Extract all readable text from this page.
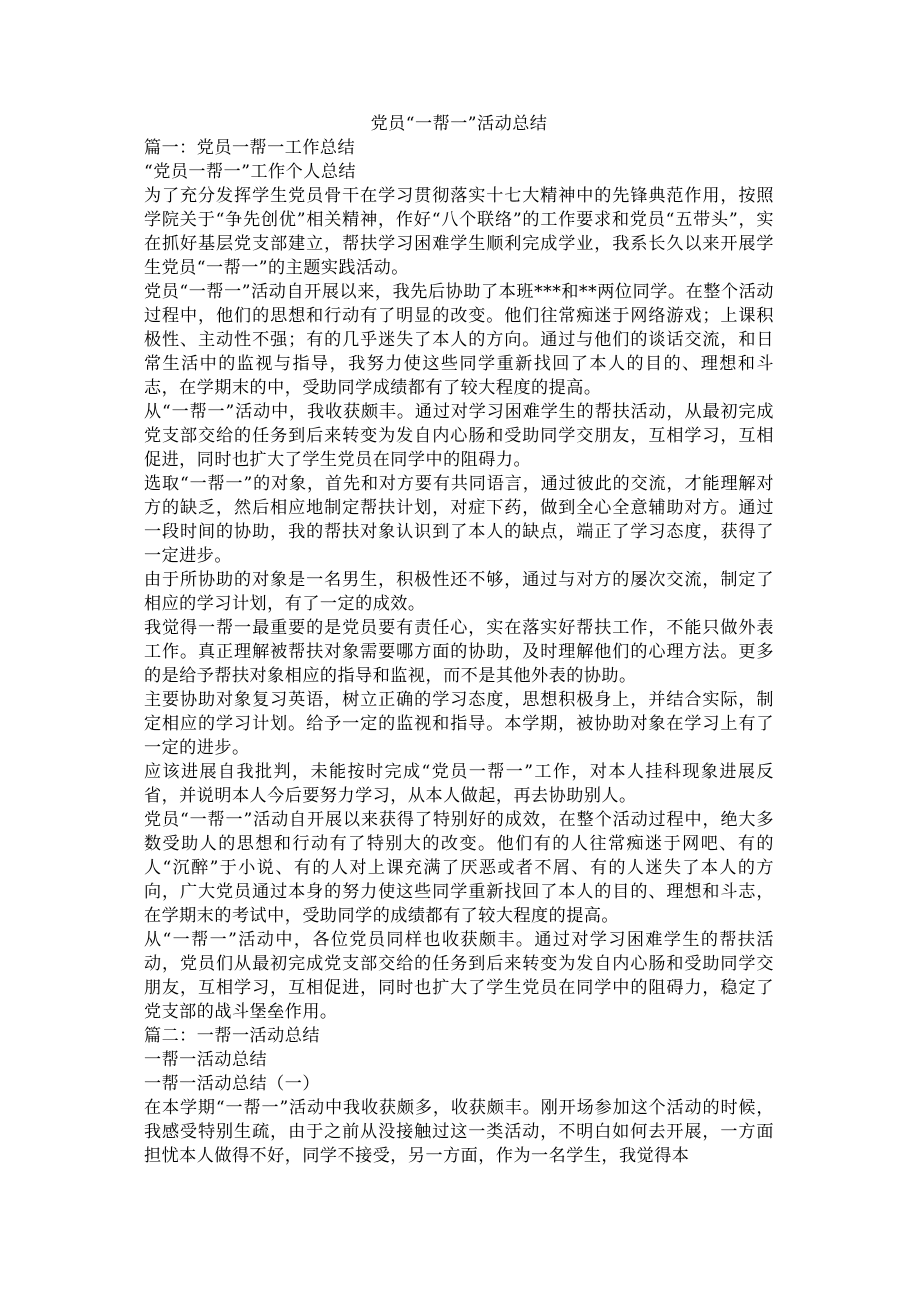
党员“一帮一”活动总结

篇一：党员一帮一工作总结

“党员一帮一”工作个人总结

为了充分发挥学生党员骨干在学习贯彻落实十七大精神中的先锋典范作用，按照学院关于“争先创优”相关精神，作好“八个联络”的工作要求和党员“五带头”，实在抓好基层党支部建立，帮扶学习困难学生顺利完成学业，我系长久以来开展学生党员“一帮一”的主题实践活动。

党员“一帮一”活动自开展以来，我先后协助了本班***和**两位同学。在整个活动过程中，他们的思想和行动有了明显的改变。他们往常痴迷于网络游戏；上课积极性、主动性不强；有的几乎迷失了本人的方向。通过与他们的谈话交流，和日常生活中的监视与指导，我努力使这些同学重新找回了本人的目的、理想和斗志，在学期末的中，受助同学成绩都有了较大程度的提高。

从“一帮一”活动中，我收获颇丰。通过对学习困难学生的帮扶活动，从最初完成党支部交给的任务到后来转变为发自内心肠和受助同学交朋友，互相学习，互相促进，同时也扩大了学生党员在同学中的阻碍力。

选取“一帮一”的对象，首先和对方要有共同语言，通过彼此的交流，才能理解对方的缺乏，然后相应地制定帮扶计划，对症下药，做到全心全意辅助对方。通过一段时间的协助，我的帮扶对象认识到了本人的缺点，端正了学习态度，获得了一定进步。

由于所协助的对象是一名男生，积极性还不够，通过与对方的屡次交流，制定了相应的学习计划，有了一定的成效。

我觉得一帮一最重要的是党员要有责任心，实在落实好帮扶工作，不能只做外表工作。真正理解被帮扶对象需要哪方面的协助，及时理解他们的心理方法。更多的是给予帮扶对象相应的指导和监视，而不是其他外表的协助。

主要协助对象复习英语，树立正确的学习态度，思想积极身上，并结合实际，制定相应的学习计划。给予一定的监视和指导。本学期，被协助对象在学习上有了一定的进步。

应该进展自我批判，未能按时完成“党员一帮一”工作，对本人挂科现象进展反省，并说明本人今后要努力学习，从本人做起，再去协助别人。

党员“一帮一”活动自开展以来获得了特别好的成效，在整个活动过程中，绝大多数受助人的思想和行动有了特别大的改变。他们有的人往常痴迷于网吧、有的人“沉醉”于小说、有的人对上课充满了厌恶或者不屑、有的人迷失了本人的方向，广大党员通过本身的努力使这些同学重新找回了本人的目的、理想和斗志，在学期末的考试中，受助同学的成绩都有了较大程度的提高。

从“一帮一”活动中，各位党员同样也收获颇丰。通过对学习困难学生的帮扶活动，党员们从最初完成党支部交给的任务到后来转变为发自内心肠和受助同学交朋友，互相学习，互相促进，同时也扩大了学生党员在同学中的阻碍力，稳定了党支部的战斗堡垒作用。

篇二：一帮一活动总结

一帮一活动总结

一帮一活动总结（一）

在本学期“一帮一”活动中我收获颇多，收获颇丰。刚开场参加这个活动的时候，我感受特别生疏，由于之前从没接触过这一类活动，不明白如何去开展，一方面担忧本人做得不好，同学不接受，另一方面，作为一名学生，我觉得本
